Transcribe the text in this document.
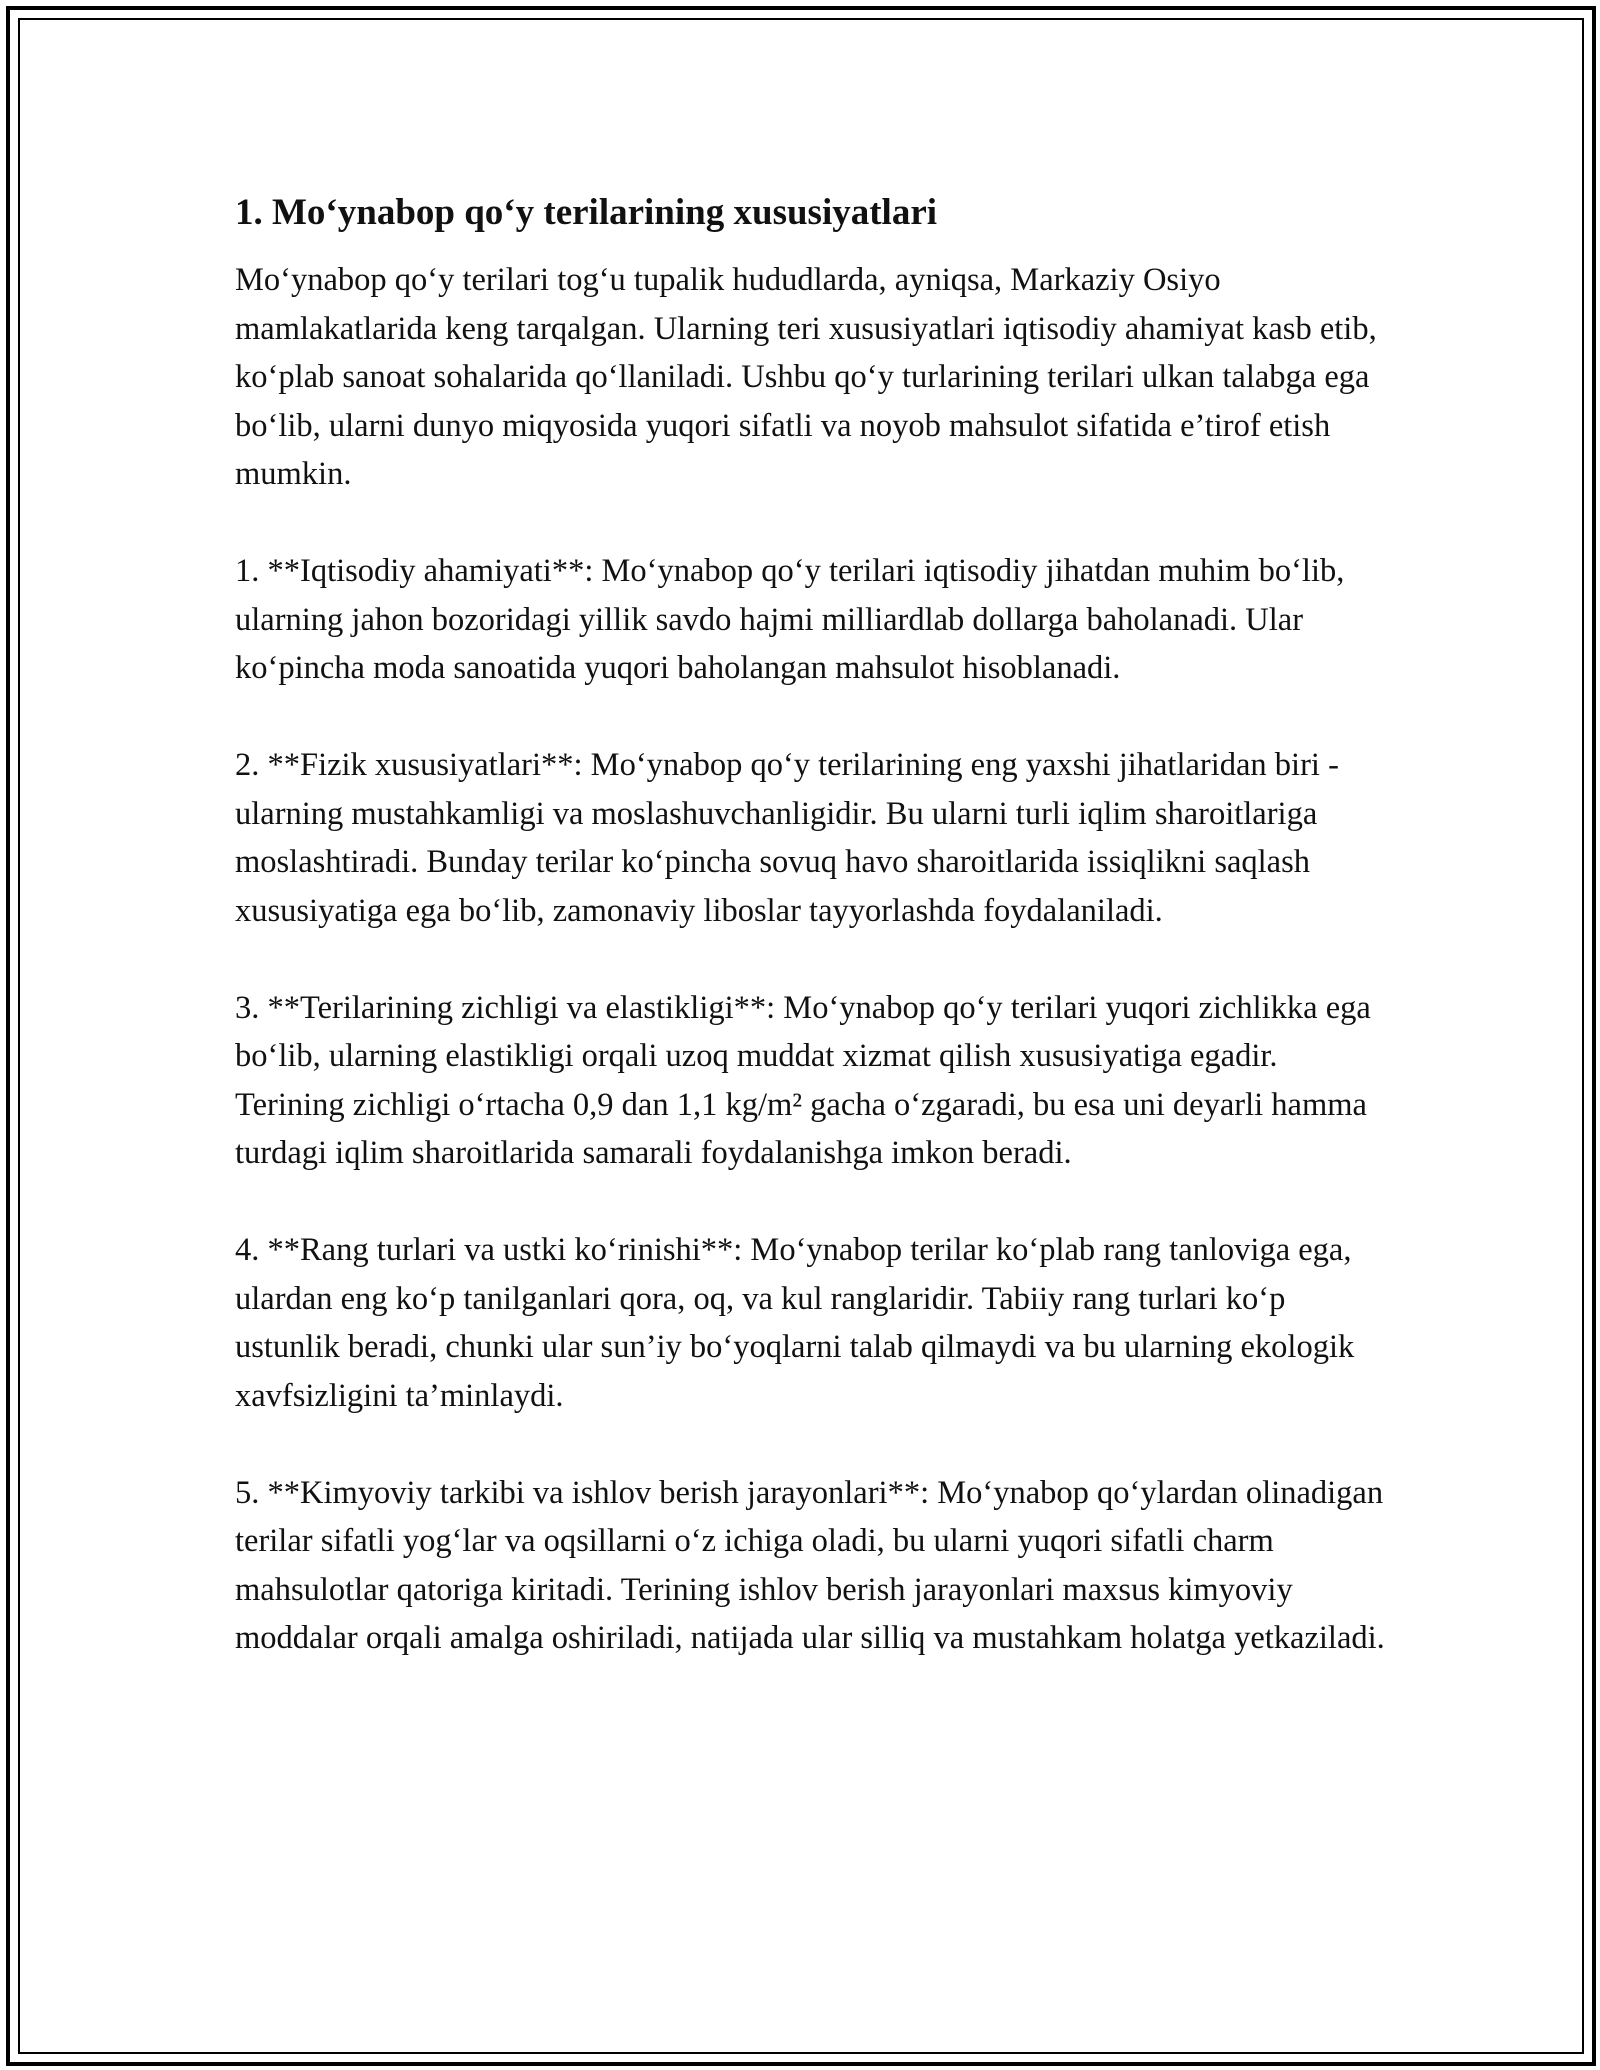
1. Mo‘ynabop qo‘y terilarining xususiyatlari

Mo‘ynabop qo‘y terilari tog‘u tupalik hududlarda, ayniqsa, Markaziy Osiyo mamlakatlarida keng tarqalgan. Ularning teri xususiyatlari iqtisodiy ahamiyat kasb etib, ko‘plab sanoat sohalarida qo‘llaniladi. Ushbu qo‘y turlarining terilari ulkan talabga ega bo‘lib, ularni dunyo miqyosida yuqori sifatli va noyob mahsulot sifatida e’tirof etish mumkin.

1. **Iqtisodiy ahamiyati**: Mo‘ynabop qo‘y terilari iqtisodiy jihatdan muhim bo‘lib, ularning jahon bozoridagi yillik savdo hajmi milliardlab dollarga baholanadi. Ular ko‘pincha moda sanoatida yuqori baholangan mahsulot hisoblanadi.

2. **Fizik xususiyatlari**: Mo‘ynabop qo‘y terilarining eng yaxshi jihatlaridan biri - ularning mustahkamligi va moslashuvchanligidir. Bu ularni turli iqlim sharoitlariga moslashtiradi. Bunday terilar ko‘pincha sovuq havo sharoitlarida issiqlikni saqlash xususiyatiga ega bo‘lib, zamonaviy liboslar tayyorlashda foydalaniladi.

3. **Terilarining zichligi va elastikligi**: Mo‘ynabop qo‘y terilari yuqori zichlikka ega bo‘lib, ularning elastikligi orqali uzoq muddat xizmat qilish xususiyatiga egadir. Terining zichligi o‘rtacha 0,9 dan 1,1 kg/m² gacha o‘zgaradi, bu esa uni deyarli hamma turdagi iqlim sharoitlarida samarali foydalanishga imkon beradi.

4. **Rang turlari va ustki ko‘rinishi**: Mo‘ynabop terilar ko‘plab rang tanloviga ega, ulardan eng ko‘p tanilganlari qora, oq, va kul ranglaridir. Tabiiy rang turlari ko‘p ustunlik beradi, chunki ular sun’iy bo‘yoqlarni talab qilmaydi va bu ularning ekologik xavfsizligini ta’minlaydi.

5. **Kimyoviy tarkibi va ishlov berish jarayonlari**: Mo‘ynabop qo‘ylardan olinadigan terilar sifatli yog‘lar va oqsillarni o‘z ichiga oladi, bu ularni yuqori sifatli charm mahsulotlar qatoriga kiritadi. Terining ishlov berish jarayonlari maxsus kimyoviy moddalar orqali amalga oshiriladi, natijada ular silliq va mustahkam holatga yetkaziladi.
